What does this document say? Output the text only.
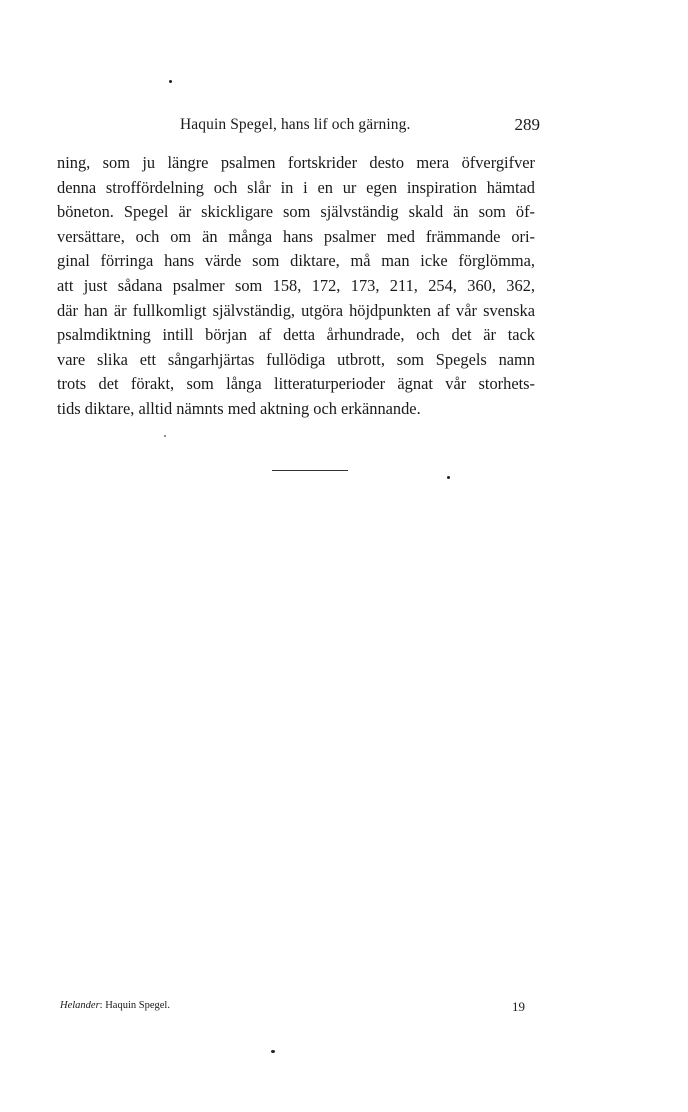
Haquin Spegel, hans lif och gärning.	289
ning, som ju längre psalmen fortskrider desto mera öfvergifver
denna stroffördelning och slår in i en ur egen inspiration hämtad
böneton. Spegel är skickligare som självständig skald än som öf-
versättare, och om än många hans psalmer med främmande ori-
ginal förringa hans värde som diktare, må man icke förglömma,
att just sådana psalmer som 158, 172, 173, 211, 254, 360, 362,
där han är fullkomligt självständig, utgöra höjdpunkten af vår svenska
psalmdiktning intill början af detta århundrade, och det är tack
vare slika ett sångarhjärtas fullödiga utbrott, som Spegels namn
trots det förakt, som långa litteraturperioder ägnat vår storhets-
tids diktare, alltid nämnts med aktning och erkännande.
Helander: Haquin Spegel.	19
